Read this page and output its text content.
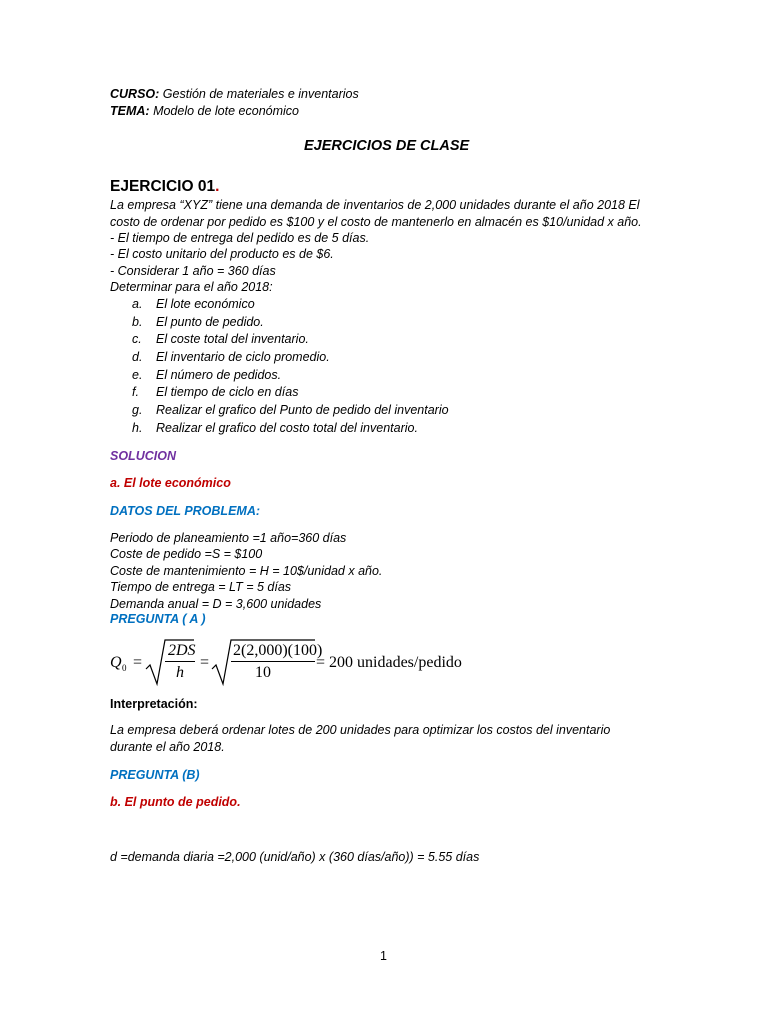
CURSO: Gestión de materiales e inventarios
TEMA: Modelo de lote económico
EJERCICIOS DE CLASE
EJERCICIO 01.
La empresa “XYZ” tiene una demanda de inventarios de 2,000 unidades durante el año 2018 El
costo de ordenar por pedido es $100 y el costo de mantenerlo en almacén es $10/unidad x año.
- El tiempo de entrega del pedido es de 5 días.
- El costo unitario del producto es de $6.
- Considerar 1 año = 360 días
Determinar para el año 2018:
a. El lote económico
b. El punto de pedido.
c. El coste total del inventario.
d. El inventario de ciclo promedio.
e. El número de pedidos.
f. El tiempo de ciclo en días
g. Realizar el grafico del Punto de pedido del inventario
h. Realizar el grafico del costo total del inventario.
SOLUCION
a. El lote económico
DATOS DEL PROBLEMA:
Periodo de planeamiento =1 año=360 días
Coste de pedido =S = $100
Coste de mantenimiento = H = 10$/unidad x año.
Tiempo de entrega = LT = 5 días
Demanda anual = D = 3,600 unidades
PREGUNTA ( A )
Q 0 =
2DS
h
=
2(2,000)(100)
10
= 200 unidades/pedido
Interpretación:
La empresa deberá ordenar lotes de 200 unidades para optimizar los costos del inventario
durante el año 2018.
PREGUNTA (B)
b. El punto de pedido.
d =demanda diaria =2,000 (unid/año) x (360 días/año)) = 5.55 días
1
